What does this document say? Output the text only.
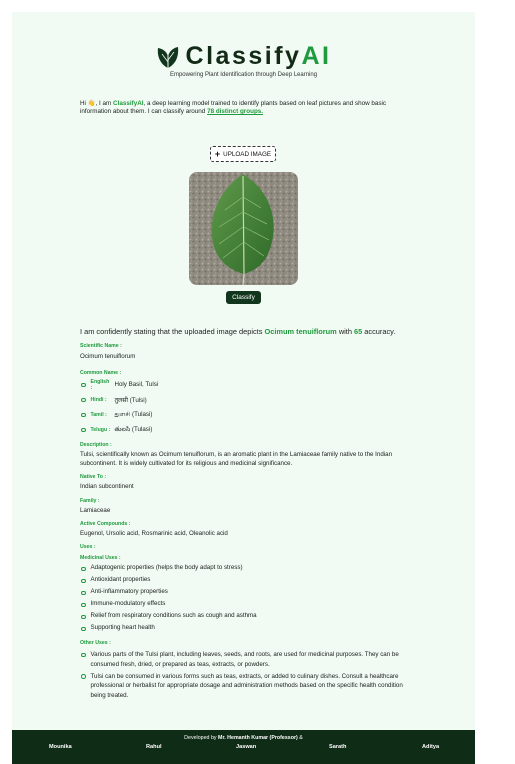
ClassifyAI
Empowering Plant Identification through Deep Learning
Hi 👋, I am ClassifyAI, a deep learning model trained to identify plants based on leaf pictures and show basic information about them. I can classify around 78 distinct groups.
+ UPLOAD IMAGE
Classify
I am confidently stating that the uploaded image depicts Ocimum tenuiflorum with 65 accuracy.
Scientific Name :
Ocimum tenuiflorum
Common Name :
English :	Holy Basil, Tulsi
Hindi :	तुलसी (Tulsi)
Tamil :	துளசி (Tulasi)
Telugu : తులసి (Tulasi)
Description :
Tulsi, scientifically known as Ocimum tenuiflorum, is an aromatic plant in the Lamiaceae family native to the Indian subcontinent. It is widely cultivated for its religious and medicinal significance.
Native To :
Indian subcontinent
Family :
Lamiaceae
Active Compounds :
Eugenol, Ursolic acid, Rosmarinic acid, Oleanolic acid
Uses :
Medicinal Uses :
Adaptogenic properties (helps the body adapt to stress)
Antioxidant properties
Anti-inflammatory properties
Immune-modulatory effects
Relief from respiratory conditions such as cough and asthma
Supporting heart health
Other Uses :
Various parts of the Tulsi plant, including leaves, seeds, and roots, are used for medicinal purposes. They can be consumed fresh, dried, or prepared as teas, extracts, or powders.
Tulsi can be consumed in various forms such as teas, extracts, or added to culinary dishes. Consult a healthcare professional or herbalist for appropriate dosage and administration methods based on the specific health condition being treated.
Developed by Mr. Hemanth Kumar (Professor) &
Mounika	Rahul	Jaswan	Sarath	Aditya
